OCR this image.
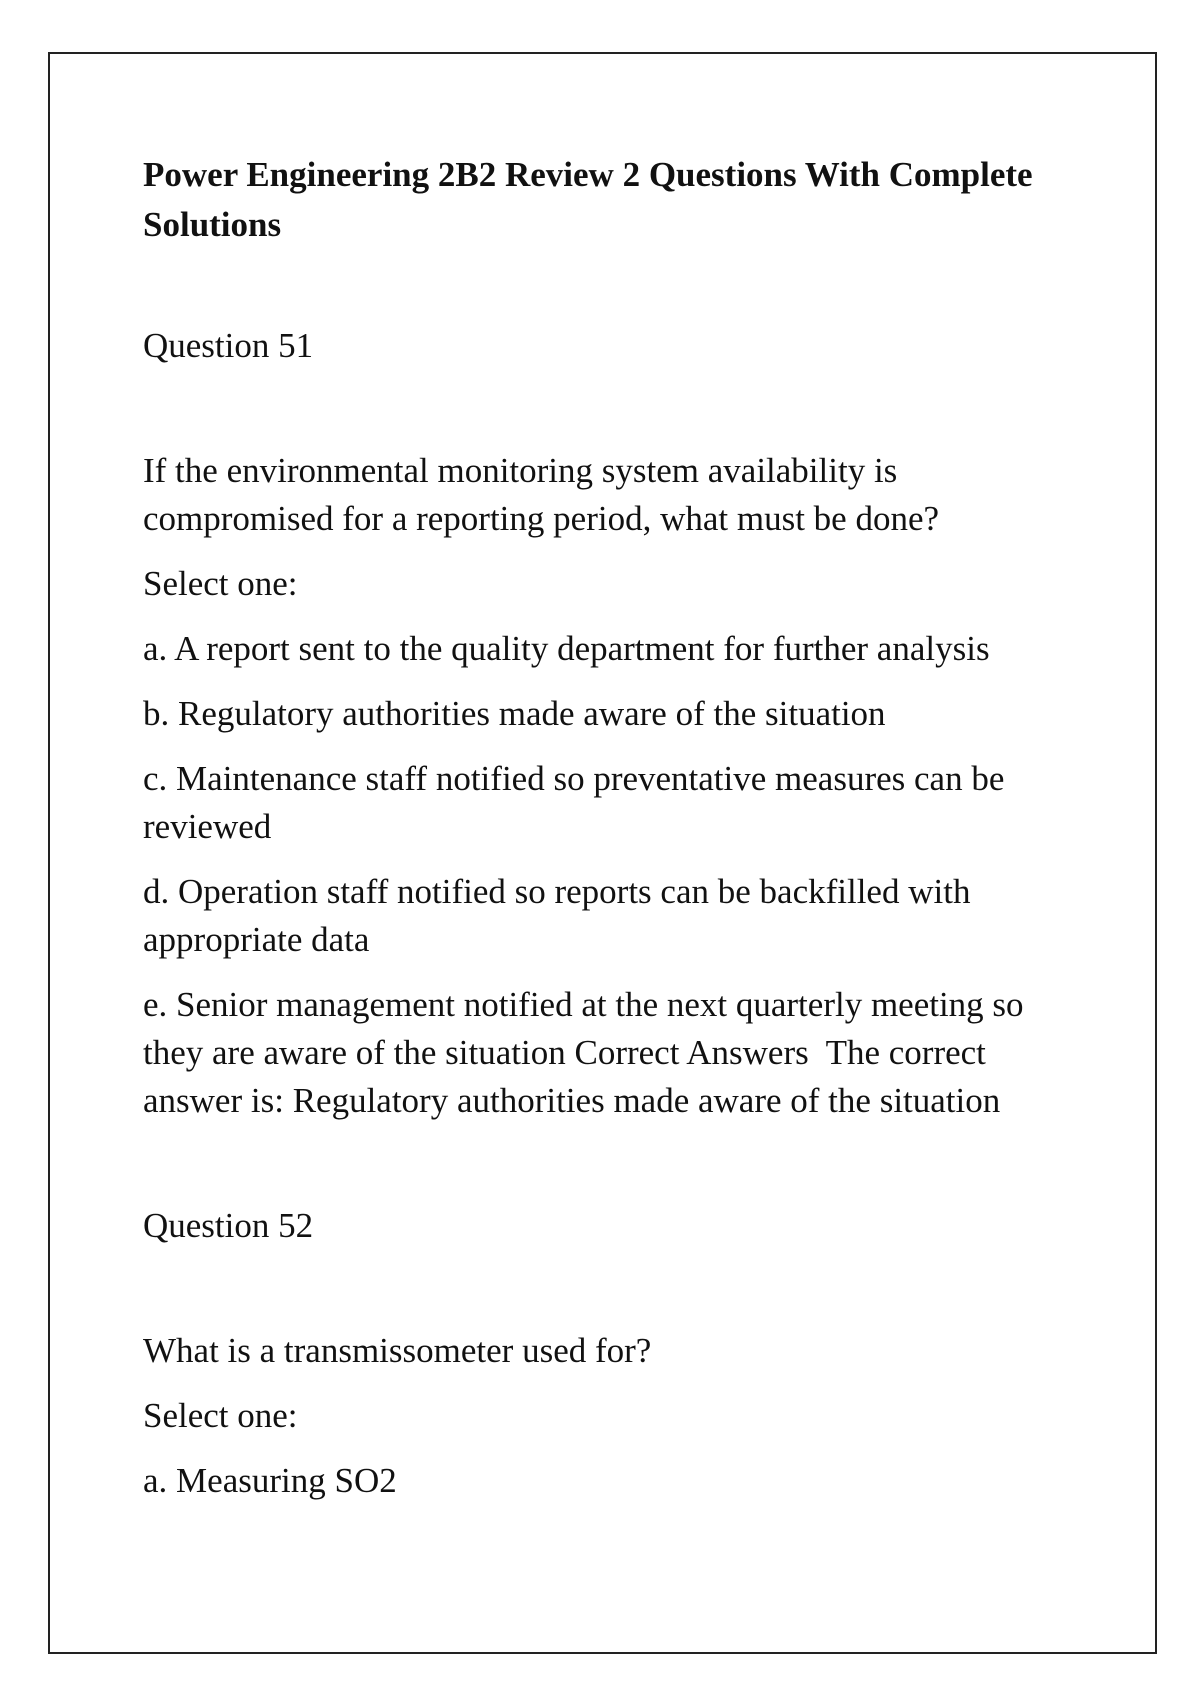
Power Engineering 2B2 Review 2 Questions With Complete Solutions

Question 51

If the environmental monitoring system availability is compromised for a reporting period, what must be done?

Select one:

a. A report sent to the quality department for further analysis

b. Regulatory authorities made aware of the situation

c. Maintenance staff notified so preventative measures can be reviewed

d. Operation staff notified so reports can be backfilled with appropriate data

e. Senior management notified at the next quarterly meeting so they are aware of the situation Correct Answers  The correct answer is: Regulatory authorities made aware of the situation

Question 52

What is a transmissometer used for?

Select one:

a. Measuring SO2
